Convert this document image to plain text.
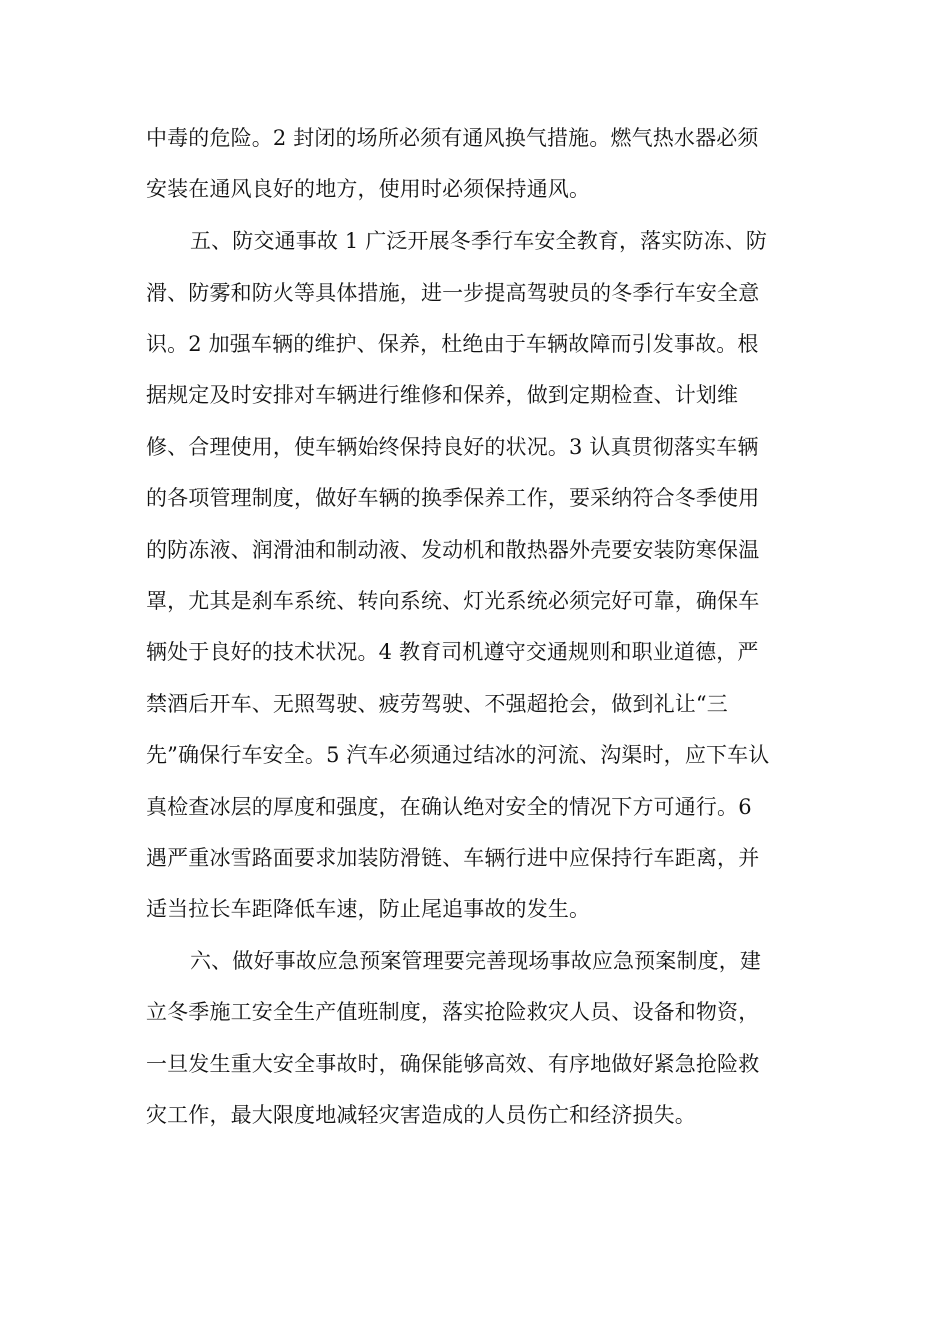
中毒的危险。2 封闭的场所必须有通风换气措施。燃气热水器必须
安装在通风良好的地方，使用时必须保持通风。
五、防交通事故 1 广泛开展冬季行车安全教育，落实防冻、防
滑、防雾和防火等具体措施，进一步提高驾驶员的冬季行车安全意
识。2 加强车辆的维护、保养，杜绝由于车辆故障而引发事故。根
据规定及时安排对车辆进行维修和保养，做到定期检查、计划维
修、合理使用，使车辆始终保持良好的状况。3 认真贯彻落实车辆
的各项管理制度，做好车辆的换季保养工作，要采纳符合冬季使用
的防冻液、润滑油和制动液、发动机和散热器外壳要安装防寒保温
罩，尤其是刹车系统、转向系统、灯光系统必须完好可靠，确保车
辆处于良好的技术状况。4 教育司机遵守交通规则和职业道德，严
禁酒后开车、无照驾驶、疲劳驾驶、不强超抢会，做到礼让“三
先”确保行车安全。5 汽车必须通过结冰的河流、沟渠时，应下车认
真检查冰层的厚度和强度，在确认绝对安全的情况下方可通行。6
遇严重冰雪路面要求加装防滑链、车辆行进中应保持行车距离，并
适当拉长车距降低车速，防止尾追事故的发生。
六、做好事故应急预案管理要完善现场事故应急预案制度，建
立冬季施工安全生产值班制度，落实抢险救灾人员、设备和物资，
一旦发生重大安全事故时，确保能够高效、有序地做好紧急抢险救
灾工作，最大限度地减轻灾害造成的人员伤亡和经济损失。
